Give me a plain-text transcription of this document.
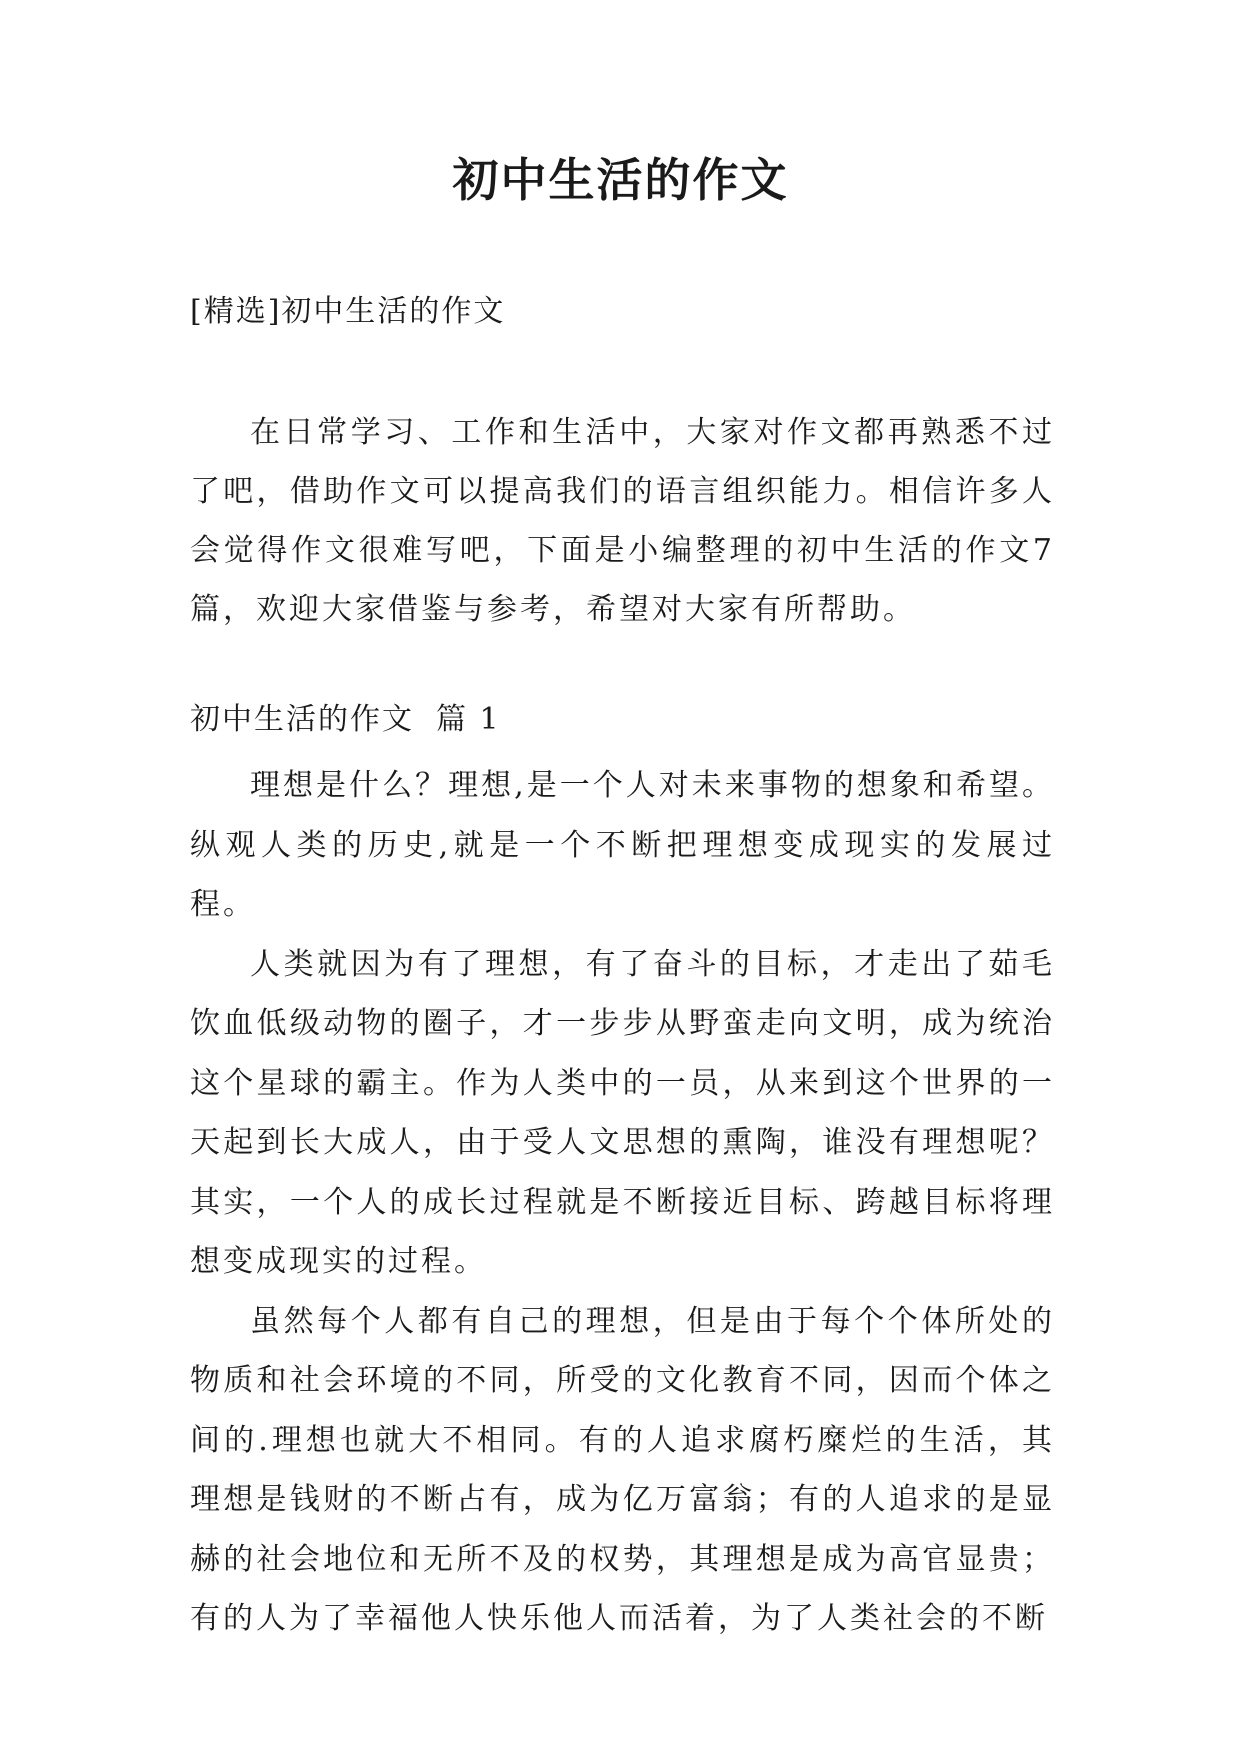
初中生活的作文
[精选]初中生活的作文

在日常学习、工作和生活中，大家对作文都再熟悉不过了吧，借助作文可以提高我们的语言组织能力。相信许多人会觉得作文很难写吧，下面是小编整理的初中生活的作文7篇，欢迎大家借鉴与参考，希望对大家有所帮助。

初中生活的作文 篇 1

理想是什么？理想,是一个人对未来事物的想象和希望。纵观人类的历史,就是一个不断把理想变成现实的发展过程。

人类就因为有了理想，有了奋斗的目标，才走出了茹毛饮血低级动物的圈子，才一步步从野蛮走向文明，成为统治这个星球的霸主。作为人类中的一员，从来到这个世界的一天起到长大成人，由于受人文思想的熏陶，谁没有理想呢？其实，一个人的成长过程就是不断接近目标、跨越目标将理想变成现实的过程。

虽然每个人都有自己的理想，但是由于每个个体所处的物质和社会环境的不同，所受的文化教育不同，因而个体之间的.理想也就大不相同。有的人追求腐朽糜烂的生活，其理想是钱财的不断占有，成为亿万富翁；有的人追求的是显赫的社会地位和无所不及的权势，其理想是成为高官显贵；有的人为了幸福他人快乐他人而活着，为了人类社会的不断
